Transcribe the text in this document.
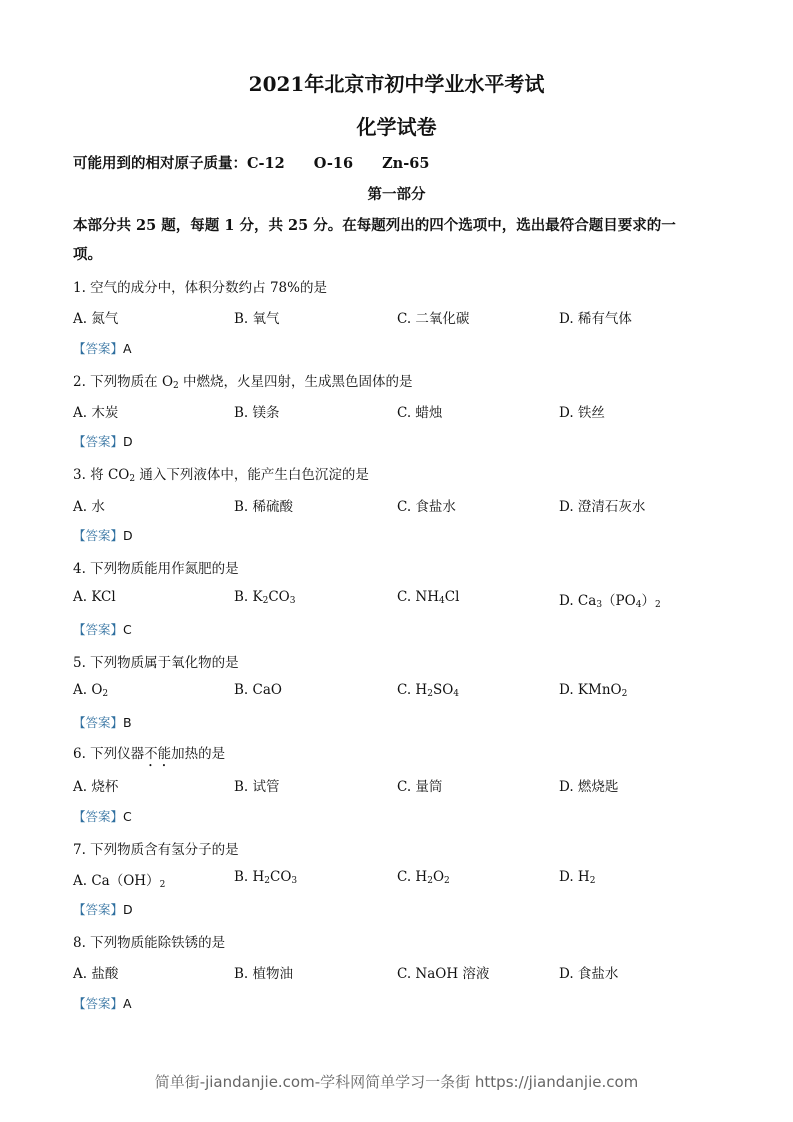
2021年北京市初中学业水平考试
化学试卷
可能用到的相对原子质量：C-12　　O-16　　Zn-65
第一部分
本部分共 25 题，每题 1 分，共 25 分。在每题列出的四个选项中，选出最符合题目要求的一
项。
1. 空气的成分中，体积分数约占 78%的是
A. 氮气	B. 氧气	C. 二氧化碳	D. 稀有气体
【答案】A
2. 下列物质在 $O_2$ 中燃烧，火星四射，生成黑色固体的是
A. 木炭	B. 镁条	C. 蜡烛	D. 铁丝
【答案】D
3. 将 $CO_2$ 通入下列液体中，能产生白色沉淀的是
A. 水	B. 稀硫酸	C. 食盐水	D. 澄清石灰水
【答案】D
4. 下列物质能用作氮肥的是
A. KCl	B. $K_2CO_3$	C. $NH_4Cl$	D. $Ca_3(PO_4)_2$
【答案】C
5. 下列物质属于氧化物的是
A. $O_2$	B. CaO	C. $H_2SO_4$	D. KMnO$_2$
【答案】B
6. 下列仪器不能加热的是
A. 烧杯	B. 试管	C. 量筒	D. 燃烧匙
【答案】C
7. 下列物质含有氢分子的是
A. $Ca(OH)_2$	B. $H_2CO_3$	C. $H_2O_2$	D. $H_2$
【答案】D
8. 下列物质能除铁锈的是
A. 盐酸	B. 植物油	C. NaOH 溶液	D. 食盐水
【答案】A
简单街-jiandanjie.com-学科网简单学习一条街 https://jiandanjie.com
